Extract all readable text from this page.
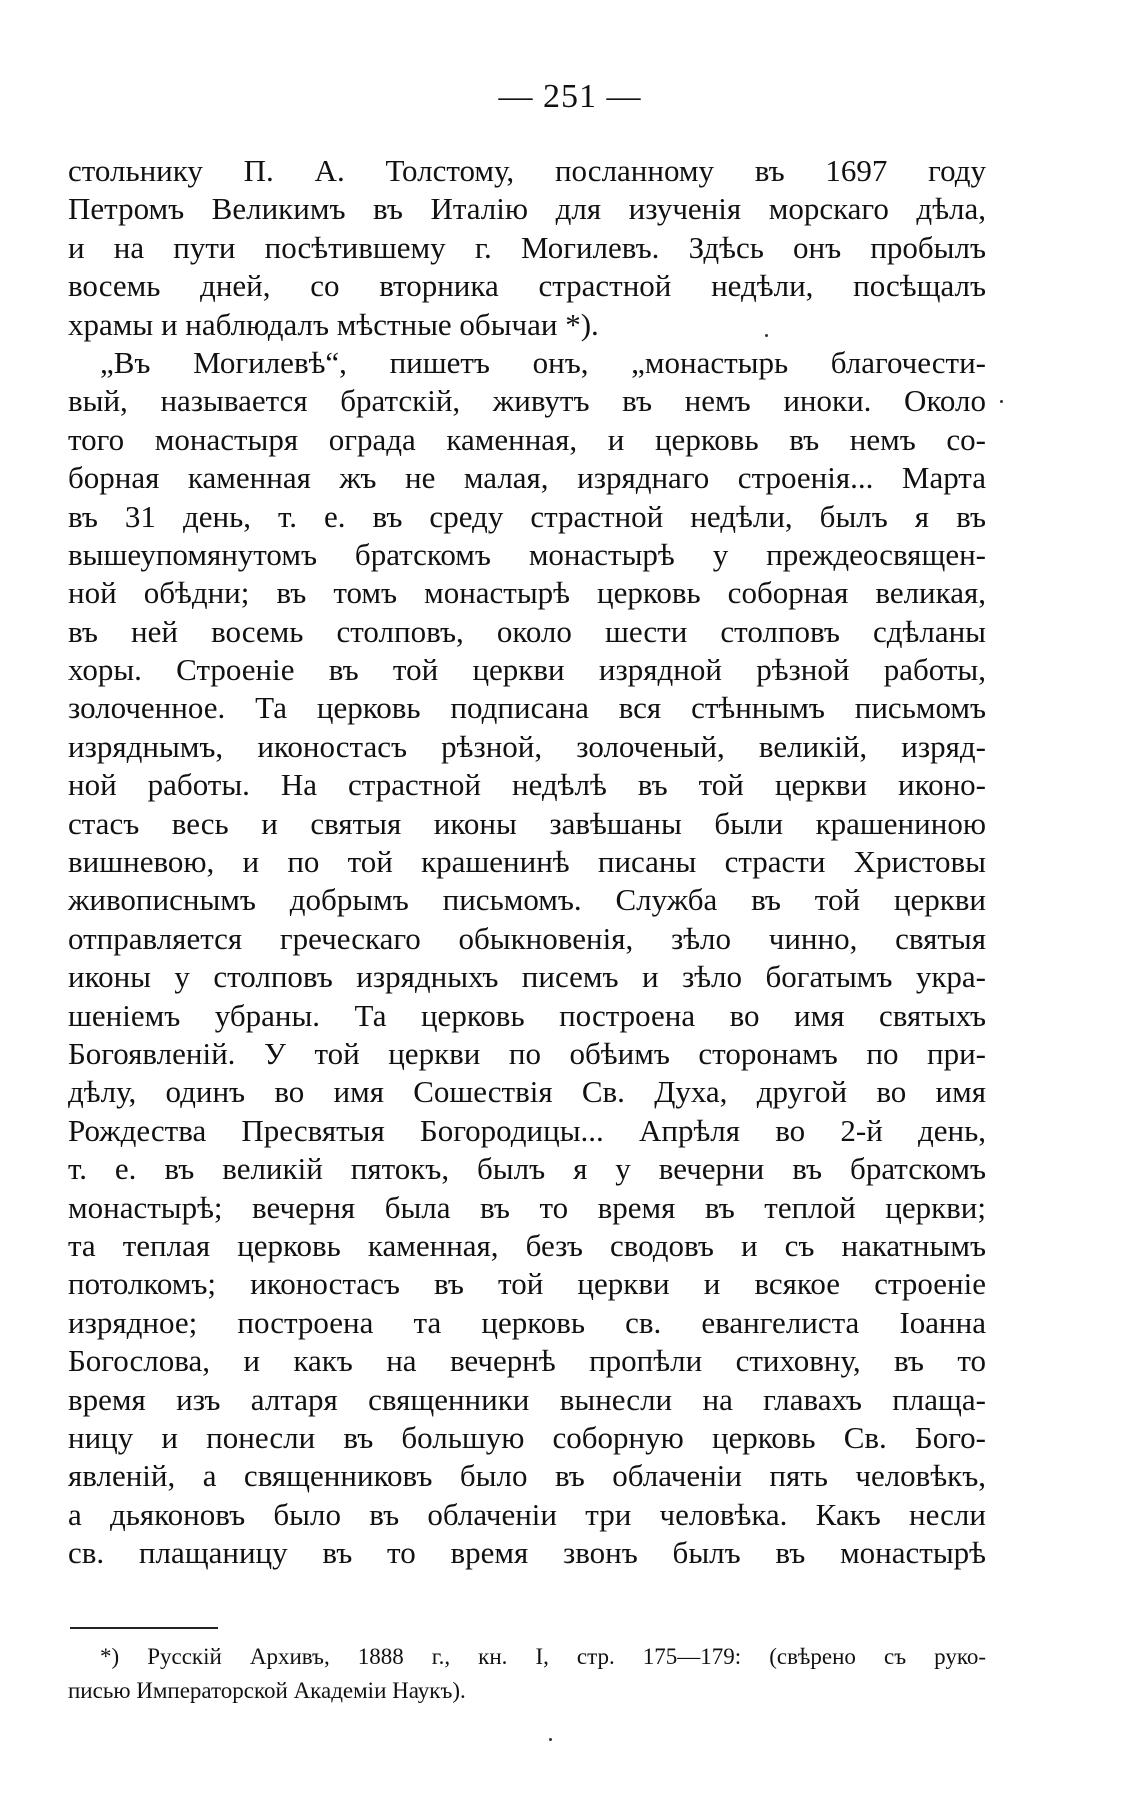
— 251 —
стольнику П. А. Толстому, посланному въ 1697 году
Петромъ Великимъ въ Италію для изученія морскаго дѣла,
и на пути посѣтившему г. Могилевъ. Здѣсь онъ пробылъ
восемь дней, со вторника страстной недѣли, посѣщалъ
храмы и наблюдалъ мѣстные обычаи *).
„Въ Могилевѣ“, пишетъ онъ, „монастырь благочести-
вый, называется братскій, живутъ въ немъ иноки. Около
того монастыря ограда каменная, и церковь въ немъ со-
борная каменная жъ не малая, изряднаго строенія... Марта
въ 31 день, т. е. въ среду страстной недѣли, былъ я въ
вышеупомянутомъ братскомъ монастырѣ у преждеосвящен-
ной обѣдни; въ томъ монастырѣ церковь соборная великая,
въ ней восемь столповъ, около шести столповъ сдѣланы
хоры. Строеніе въ той церкви изрядной рѣзной работы,
золоченное. Та церковь подписана вся стѣннымъ письмомъ
изряднымъ, иконостасъ рѣзной, золоченый, великій, изряд-
ной работы. На страстной недѣлѣ въ той церкви иконо-
стасъ весь и святыя иконы завѣшаны были крашениною
вишневою, и по той крашенинѣ писаны страсти Христовы
живописнымъ добрымъ письмомъ. Служба въ той церкви
отправляется греческаго обыкновенія, зѣло чинно, святыя
иконы у столповъ изрядныхъ писемъ и зѣло богатымъ укра-
шеніемъ убраны. Та церковь построена во имя святыхъ
Богоявленій. У той церкви по обѣимъ сторонамъ по при-
дѣлу, одинъ во имя Сошествія Св. Духа, другой во имя
Рождества Пресвятыя Богородицы... Апрѣля во 2-й день,
т. е. въ великій пятокъ, былъ я у вечерни въ братскомъ
монастырѣ; вечерня была въ то время въ теплой церкви;
та теплая церковь каменная, безъ сводовъ и съ накатнымъ
потолкомъ; иконостасъ въ той церкви и всякое строеніе
изрядное; построена та церковь св. евангелиста Іоанна
Богослова, и какъ на вечернѣ пропѣли стиховну, въ то
время изъ алтаря священники вынесли на главахъ плаща-
ницу и понесли въ большую соборную церковь Св. Бого-
явленій, а священниковъ было въ облаченіи пять человѣкъ,
а дьяконовъ было въ облаченіи три человѣка. Какъ несли
св. плащаницу въ то время звонъ былъ въ монастырѣ
*) Русскій Архивъ, 1888 г., кн. I, стр. 175—179: (свѣрено съ руко-
писью Императорской Академіи Наукъ).
